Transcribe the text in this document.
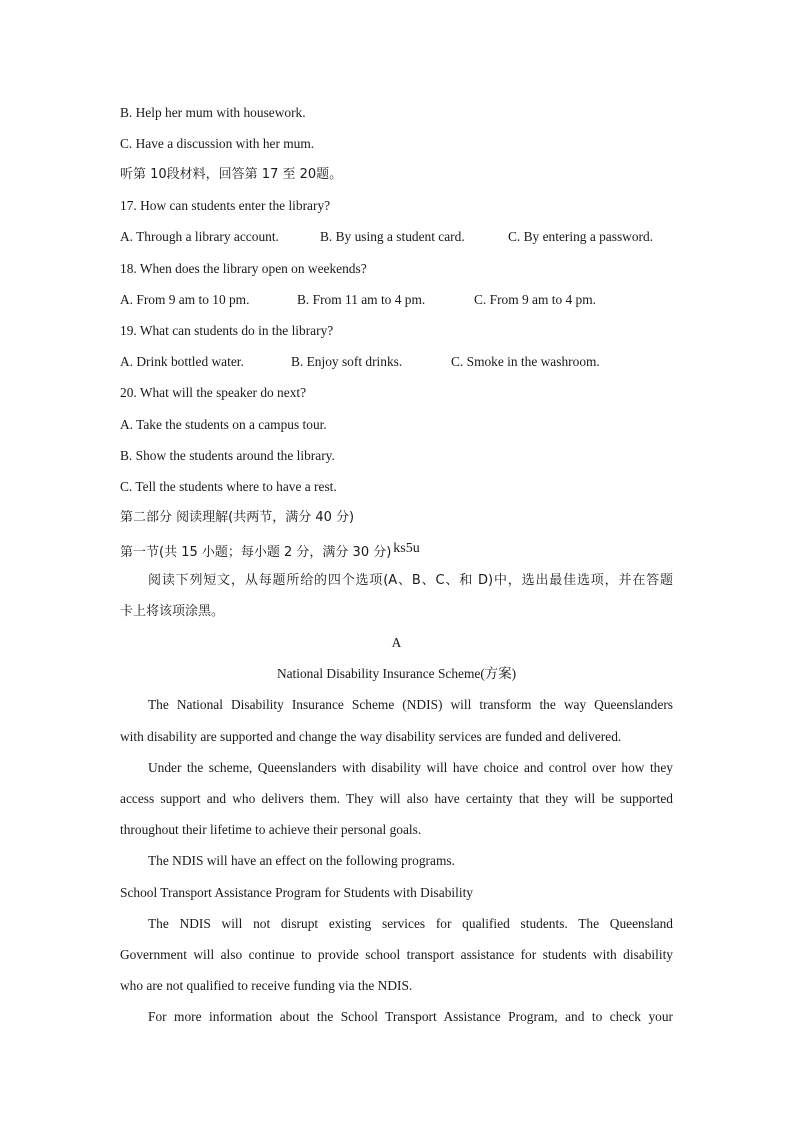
B. Help her mum with housework.
C. Have a discussion with her mum.
听第 10段材料，回答第 17 至 20题。
17. How can students enter the library?
A. Through a library account.	B. By using a student card.	C. By entering a password.
18. When does the library open on weekends?
A. From 9 am to 10 pm.	B. From 11 am to 4 pm.	C. From 9 am to 4 pm.
19. What can students do in the library?
A. Drink bottled water.	B. Enjoy soft drinks.	C. Smoke in the washroom.
20. What will the speaker do next?
A. Take the students on a campus tour.
B. Show the students around the library.
C. Tell the students where to have a rest.
第二部分 阅读理解(共两节，满分 40 分)
第一节(共 15 小题；每小题 2 分，满分 30 分) ks5u
阅读下列短文，从每题所给的四个选项(A、B、C、和 D)中，选出最佳选项，并在答题
卡上将该项涂黑。
A
National Disability Insurance Scheme(方案)
The National Disability Insurance Scheme (NDIS) will transform the way Queenslanders
with disability are supported and change the way disability services are funded and delivered.
Under the scheme, Queenslanders with disability will have choice and control over how they
access support and who delivers them. They will also have certainty that they will be supported
throughout their lifetime to achieve their personal goals.
The NDIS will have an effect on the following programs.
School Transport Assistance Program for Students with Disability
The NDIS will not disrupt existing services for qualified students. The Queensland
Government will also continue to provide school transport assistance for students with disability
who are not qualified to receive funding via the NDIS.
For more information about the School Transport Assistance Program, and to check your
